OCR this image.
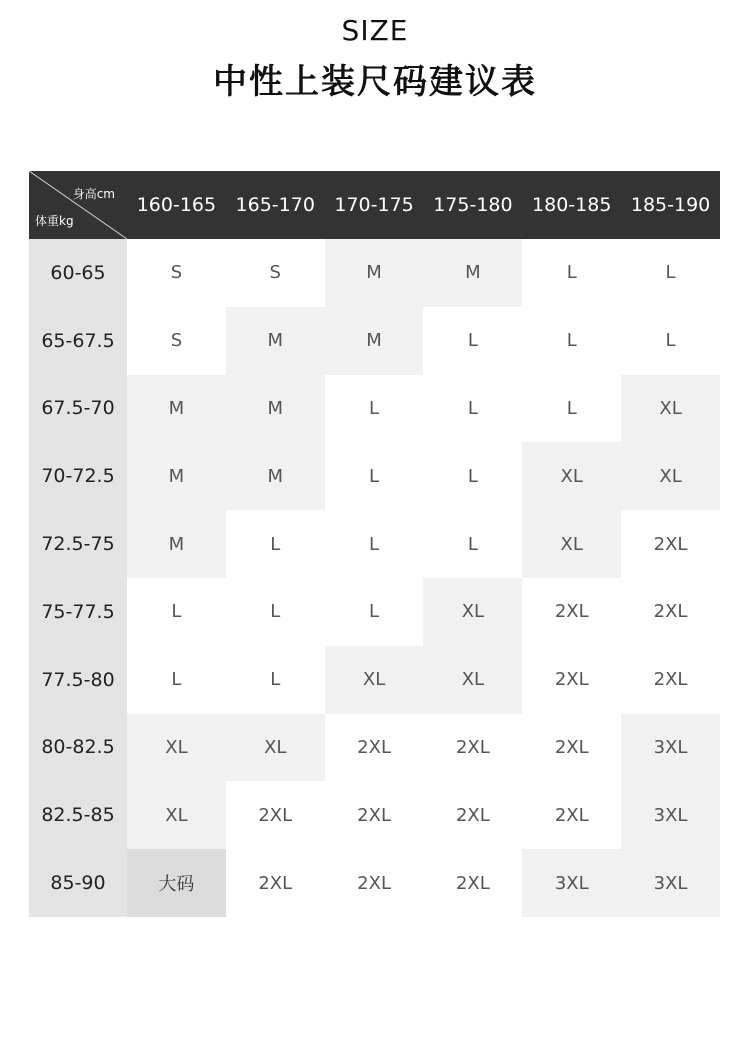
SIZE
中性上装尺码建议表
身高cm
体重kg
160-165	165-170	170-175	175-180	180-185	185-190
60-65	S	S	M	M	L	L
65-67.5	S	M	M	L	L	L
67.5-70	M	M	L	L	L	XL
70-72.5	M	M	L	L	XL	XL
72.5-75	M	L	L	L	XL	2XL
75-77.5	L	L	L	XL	2XL	2XL
77.5-80	L	L	XL	XL	2XL	2XL
80-82.5	XL	XL	2XL	2XL	2XL	3XL
82.5-85	XL	2XL	2XL	2XL	2XL	3XL
85-90	大码	2XL	2XL	2XL	3XL	3XL
